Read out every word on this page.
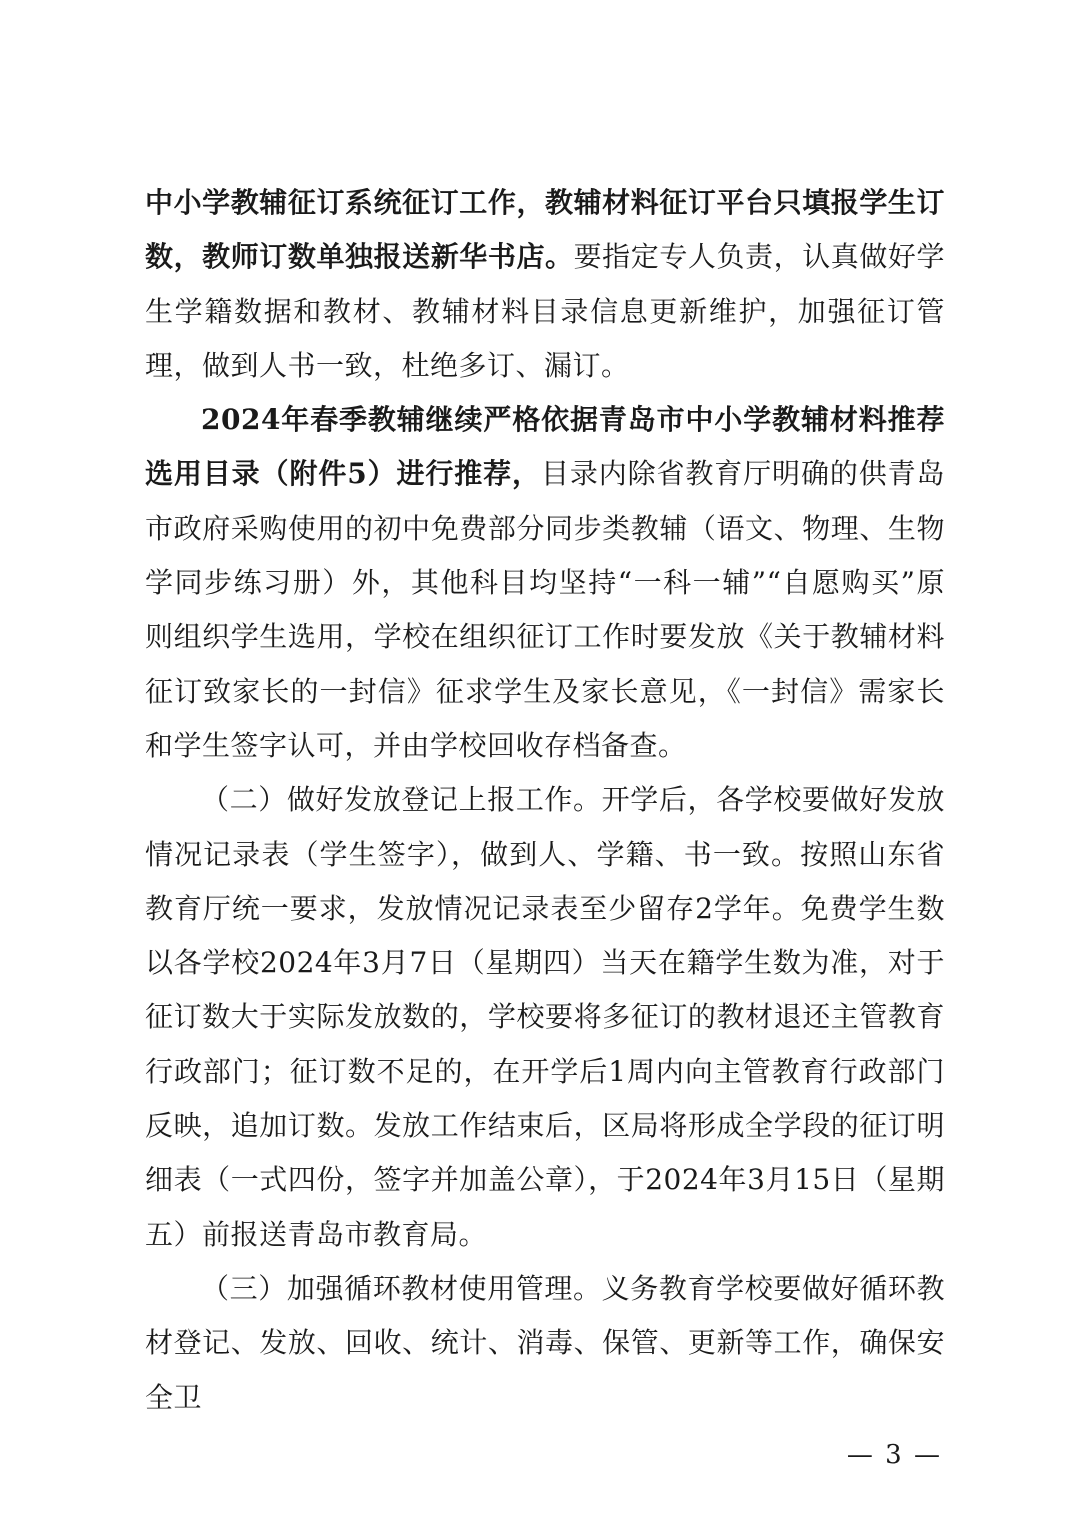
中小学教辅征订系统征订工作，教辅材料征订平台只填报学生订数，教师订数单独报送新华书店。要指定专人负责，认真做好学生学籍数据和教材、教辅材料目录信息更新维护，加强征订管理，做到人书一致，杜绝多订、漏订。

2024年春季教辅继续严格依据青岛市中小学教辅材料推荐选用目录（附件5）进行推荐，目录内除省教育厅明确的供青岛市政府采购使用的初中免费部分同步类教辅（语文、物理、生物学同步练习册）外，其他科目均坚持“一科一辅”“自愿购买”原则组织学生选用，学校在组织征订工作时要发放《关于教辅材料征订致家长的一封信》征求学生及家长意见，《一封信》需家长和学生签字认可，并由学校回收存档备查。

（二）做好发放登记上报工作。开学后，各学校要做好发放情况记录表（学生签字），做到人、学籍、书一致。按照山东省教育厅统一要求，发放情况记录表至少留存2学年。免费学生数以各学校2024年3月7日（星期四）当天在籍学生数为准，对于征订数大于实际发放数的，学校要将多征订的教材退还主管教育行政部门；征订数不足的，在开学后1周内向主管教育行政部门反映，追加订数。发放工作结束后，区局将形成全学段的征订明细表（一式四份，签字并加盖公章），于2024年3月15日（星期五）前报送青岛市教育局。

（三）加强循环教材使用管理。义务教育学校要做好循环教材登记、发放、回收、统计、消毒、保管、更新等工作，确保安全卫

— 3 —
